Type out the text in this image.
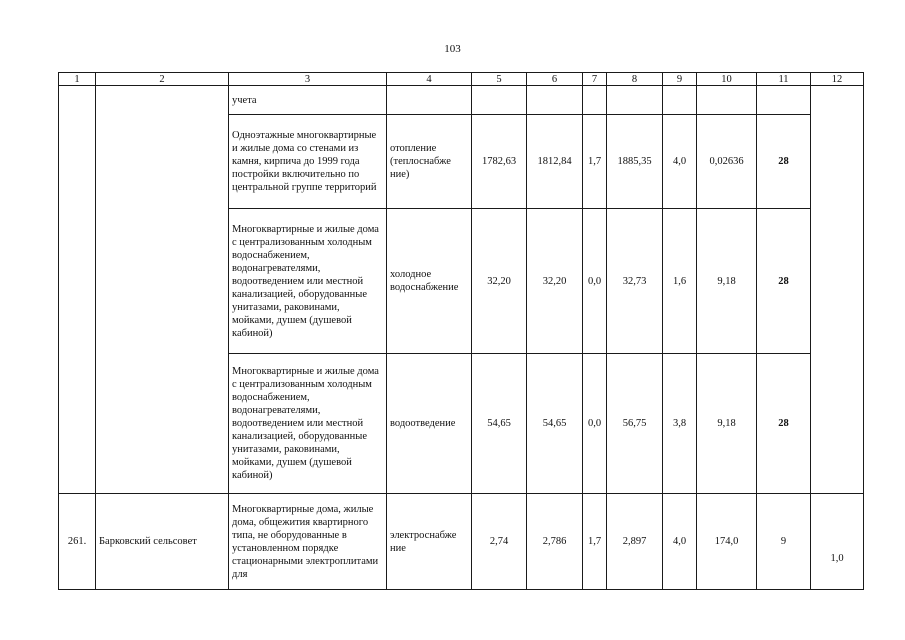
103
1	2	3	4	5	6	7	8	9	10	11	12
		учета									
		Одноэтажные многоквартирные и жилые дома со стенами из камня, кирпича до 1999 года постройки включительно по центральной группе территорий	отопление (теплоснабже ние)	1782,63	1812,84	1,7	1885,35	4,0	0,02636	28	
		Многоквартирные и жилые дома с централизованным холодным водоснабжением, водонагревателями, водоотведением или местной канализацией, оборудованные унитазами, раковинами, мойками, душем (душевой кабиной)	холодное водоснабжение	32,20	32,20	0,0	32,73	1,6	9,18	28	
		Многоквартирные и жилые дома с централизованным холодным водоснабжением, водонагревателями, водоотведением или местной канализацией, оборудованные унитазами, раковинами, мойками, душем (душевой кабиной)	водоотведение	54,65	54,65	0,0	56,75	3,8	9,18	28	
261.	Барковский сельсовет	Многоквартирные дома, жилые дома, общежития квартирного типа, не оборудованные в установленном порядке стационарными электроплитами для	электроснабже ние	2,74	2,786	1,7	2,897	4,0	174,0	9	1,0
